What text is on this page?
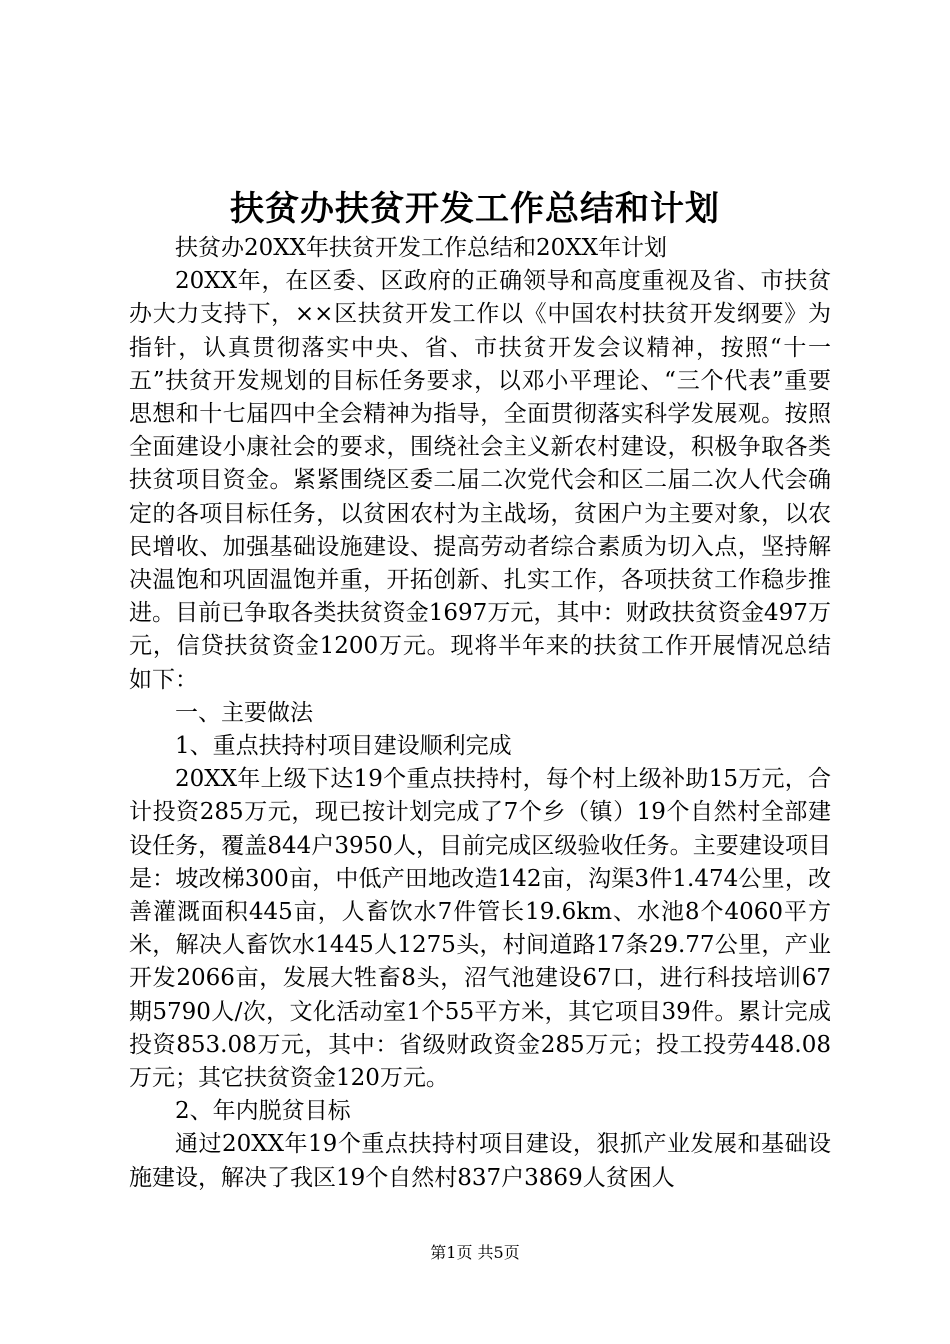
扶贫办扶贫开发工作总结和计划

扶贫办20XX年扶贫开发工作总结和20XX年计划

20XX年，在区委、区政府的正确领导和高度重视及省、市扶贫办大力支持下，××区扶贫开发工作以《中国农村扶贫开发纲要》为指针，认真贯彻落实中央、省、市扶贫开发会议精神，按照“十一五”扶贫开发规划的目标任务要求，以邓小平理论、“三个代表”重要思想和十七届四中全会精神为指导，全面贯彻落实科学发展观。按照全面建设小康社会的要求，围绕社会主义新农村建设，积极争取各类扶贫项目资金。紧紧围绕区委二届二次党代会和区二届二次人代会确定的各项目标任务，以贫困农村为主战场，贫困户为主要对象，以农民增收、加强基础设施建设、提高劳动者综合素质为切入点，坚持解决温饱和巩固温饱并重，开拓创新、扎实工作，各项扶贫工作稳步推进。目前已争取各类扶贫资金1697万元，其中：财政扶贫资金497万元，信贷扶贫资金1200万元。现将半年来的扶贫工作开展情况总结如下：

一、主要做法

1、重点扶持村项目建设顺利完成

20XX年上级下达19个重点扶持村，每个村上级补助15万元，合计投资285万元，现已按计划完成了7个乡（镇）19个自然村全部建设任务，覆盖844户3950人，目前完成区级验收任务。主要建设项目是：坡改梯300亩，中低产田地改造142亩，沟渠3件1.474公里，改善灌溉面积445亩，人畜饮水7件管长19.6km、水池8个4060平方米，解决人畜饮水1445人1275头，村间道路17条29.77公里，产业开发2066亩，发展大牲畜8头，沼气池建设67口，进行科技培训67期5790人/次，文化活动室1个55平方米，其它项目39件。累计完成投资853.08万元，其中：省级财政资金285万元；投工投劳448.08万元；其它扶贫资金120万元。

2、年内脱贫目标

通过20XX年19个重点扶持村项目建设，狠抓产业发展和基础设施建设，解决了我区19个自然村837户3869人贫困人

第1页 共5页
